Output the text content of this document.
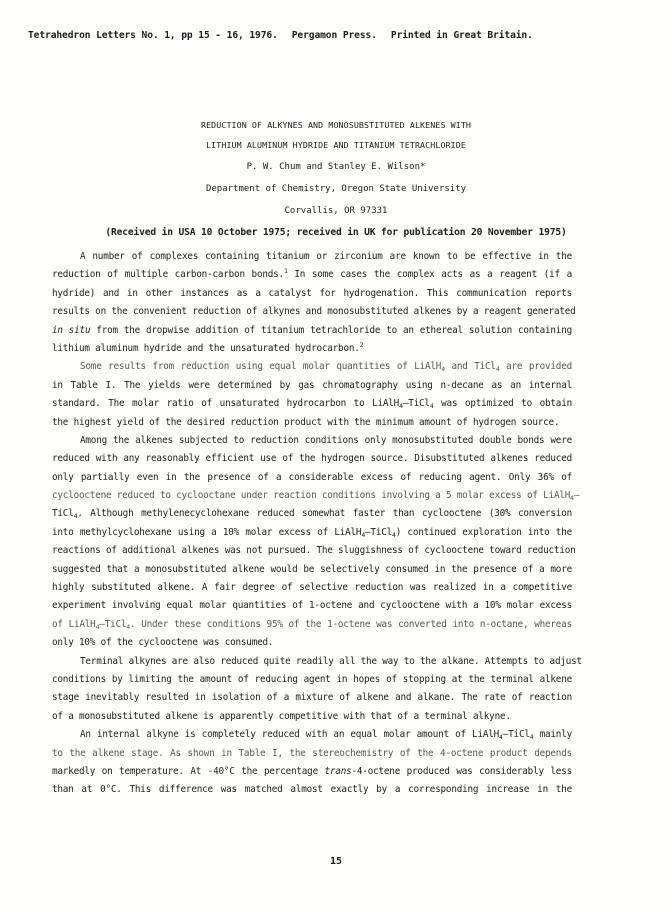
Tetrahedron Letters No. 1, pp 15 - 16, 1976. Pergamon Press. Printed in Great Britain.
REDUCTION OF ALKYNES AND MONOSUBSTITUTED ALKENES WITH
LITHIUM ALUMINUM HYDRIDE AND TITANIUM TETRACHLORIDE
P. W. Chum and Stanley E. Wilson*
Department of Chemistry, Oregon State University
Corvallis, OR 97331
(Received in USA 10 October 1975; received in UK for publication 20 November 1975)
A number of complexes containing titanium or zirconium are known to be effective in the
reduction of multiple carbon-carbon bonds.$^1$ In some cases the complex acts as a reagent (if a
hydride) and in other instances as a catalyst for hydrogenation. This communication reports
results on the convenient reduction of alkynes and monosubstituted alkenes by a reagent generated
in situ from the dropwise addition of titanium tetrachloride to an ethereal solution containing
lithium aluminum hydride and the unsaturated hydrocarbon.$^2$
Some results from reduction using equal molar quantities of LiAlH$_4$ and TiCl$_4$ are provided
in Table I. The yields were determined by gas chromatography using n-decane as an internal
standard. The molar ratio of unsaturated hydrocarbon to LiAlH$_4$–TiCl$_4$ was optimized to obtain
the highest yield of the desired reduction product with the minimum amount of hydrogen source.
Among the alkenes subjected to reduction conditions only monosubstituted double bonds were
reduced with any reasonably efficient use of the hydrogen source. Disubstituted alkenes reduced
only partially even in the presence of a considerable excess of reducing agent. Only 36% of
cyclooctene reduced to cyclooctane under reaction conditions involving a 5 molar excess of LiAlH$_4$–
TiCl$_4$. Although methylenecyclohexane reduced somewhat faster than cyclooctene (30% conversion
into methylcyclohexane using a 10% molar excess of LiAlH$_4$–TiCl$_4$) continued exploration into the
reactions of additional alkenes was not pursued. The sluggishness of cyclooctene toward reduction
suggested that a monosubstituted alkene would be selectively consumed in the presence of a more
highly substituted alkene. A fair degree of selective reduction was realized in a competitive
experiment involving equal molar quantities of 1-octene and cyclooctene with a 10% molar excess
of LiAlH$_4$–TiCl$_4$. Under these conditions 95% of the 1-octene was converted into n-octane, whereas
only 10% of the cyclooctene was consumed.
Terminal alkynes are also reduced quite readily all the way to the alkane. Attempts to adjust
conditions by limiting the amount of reducing agent in hopes of stopping at the terminal alkene
stage inevitably resulted in isolation of a mixture of alkene and alkane. The rate of reaction
of a monosubstituted alkene is apparently competitive with that of a terminal alkyne.
An internal alkyne is completely reduced with an equal molar amount of LiAlH$_4$–TiCl$_4$ mainly
to the alkene stage. As shown in Table I, the stereochemistry of the 4-octene product depends
markedly on temperature. At -40°C the percentage trans-4-octene produced was considerably less
than at 0°C. This difference was matched almost exactly by a corresponding increase in the
15
